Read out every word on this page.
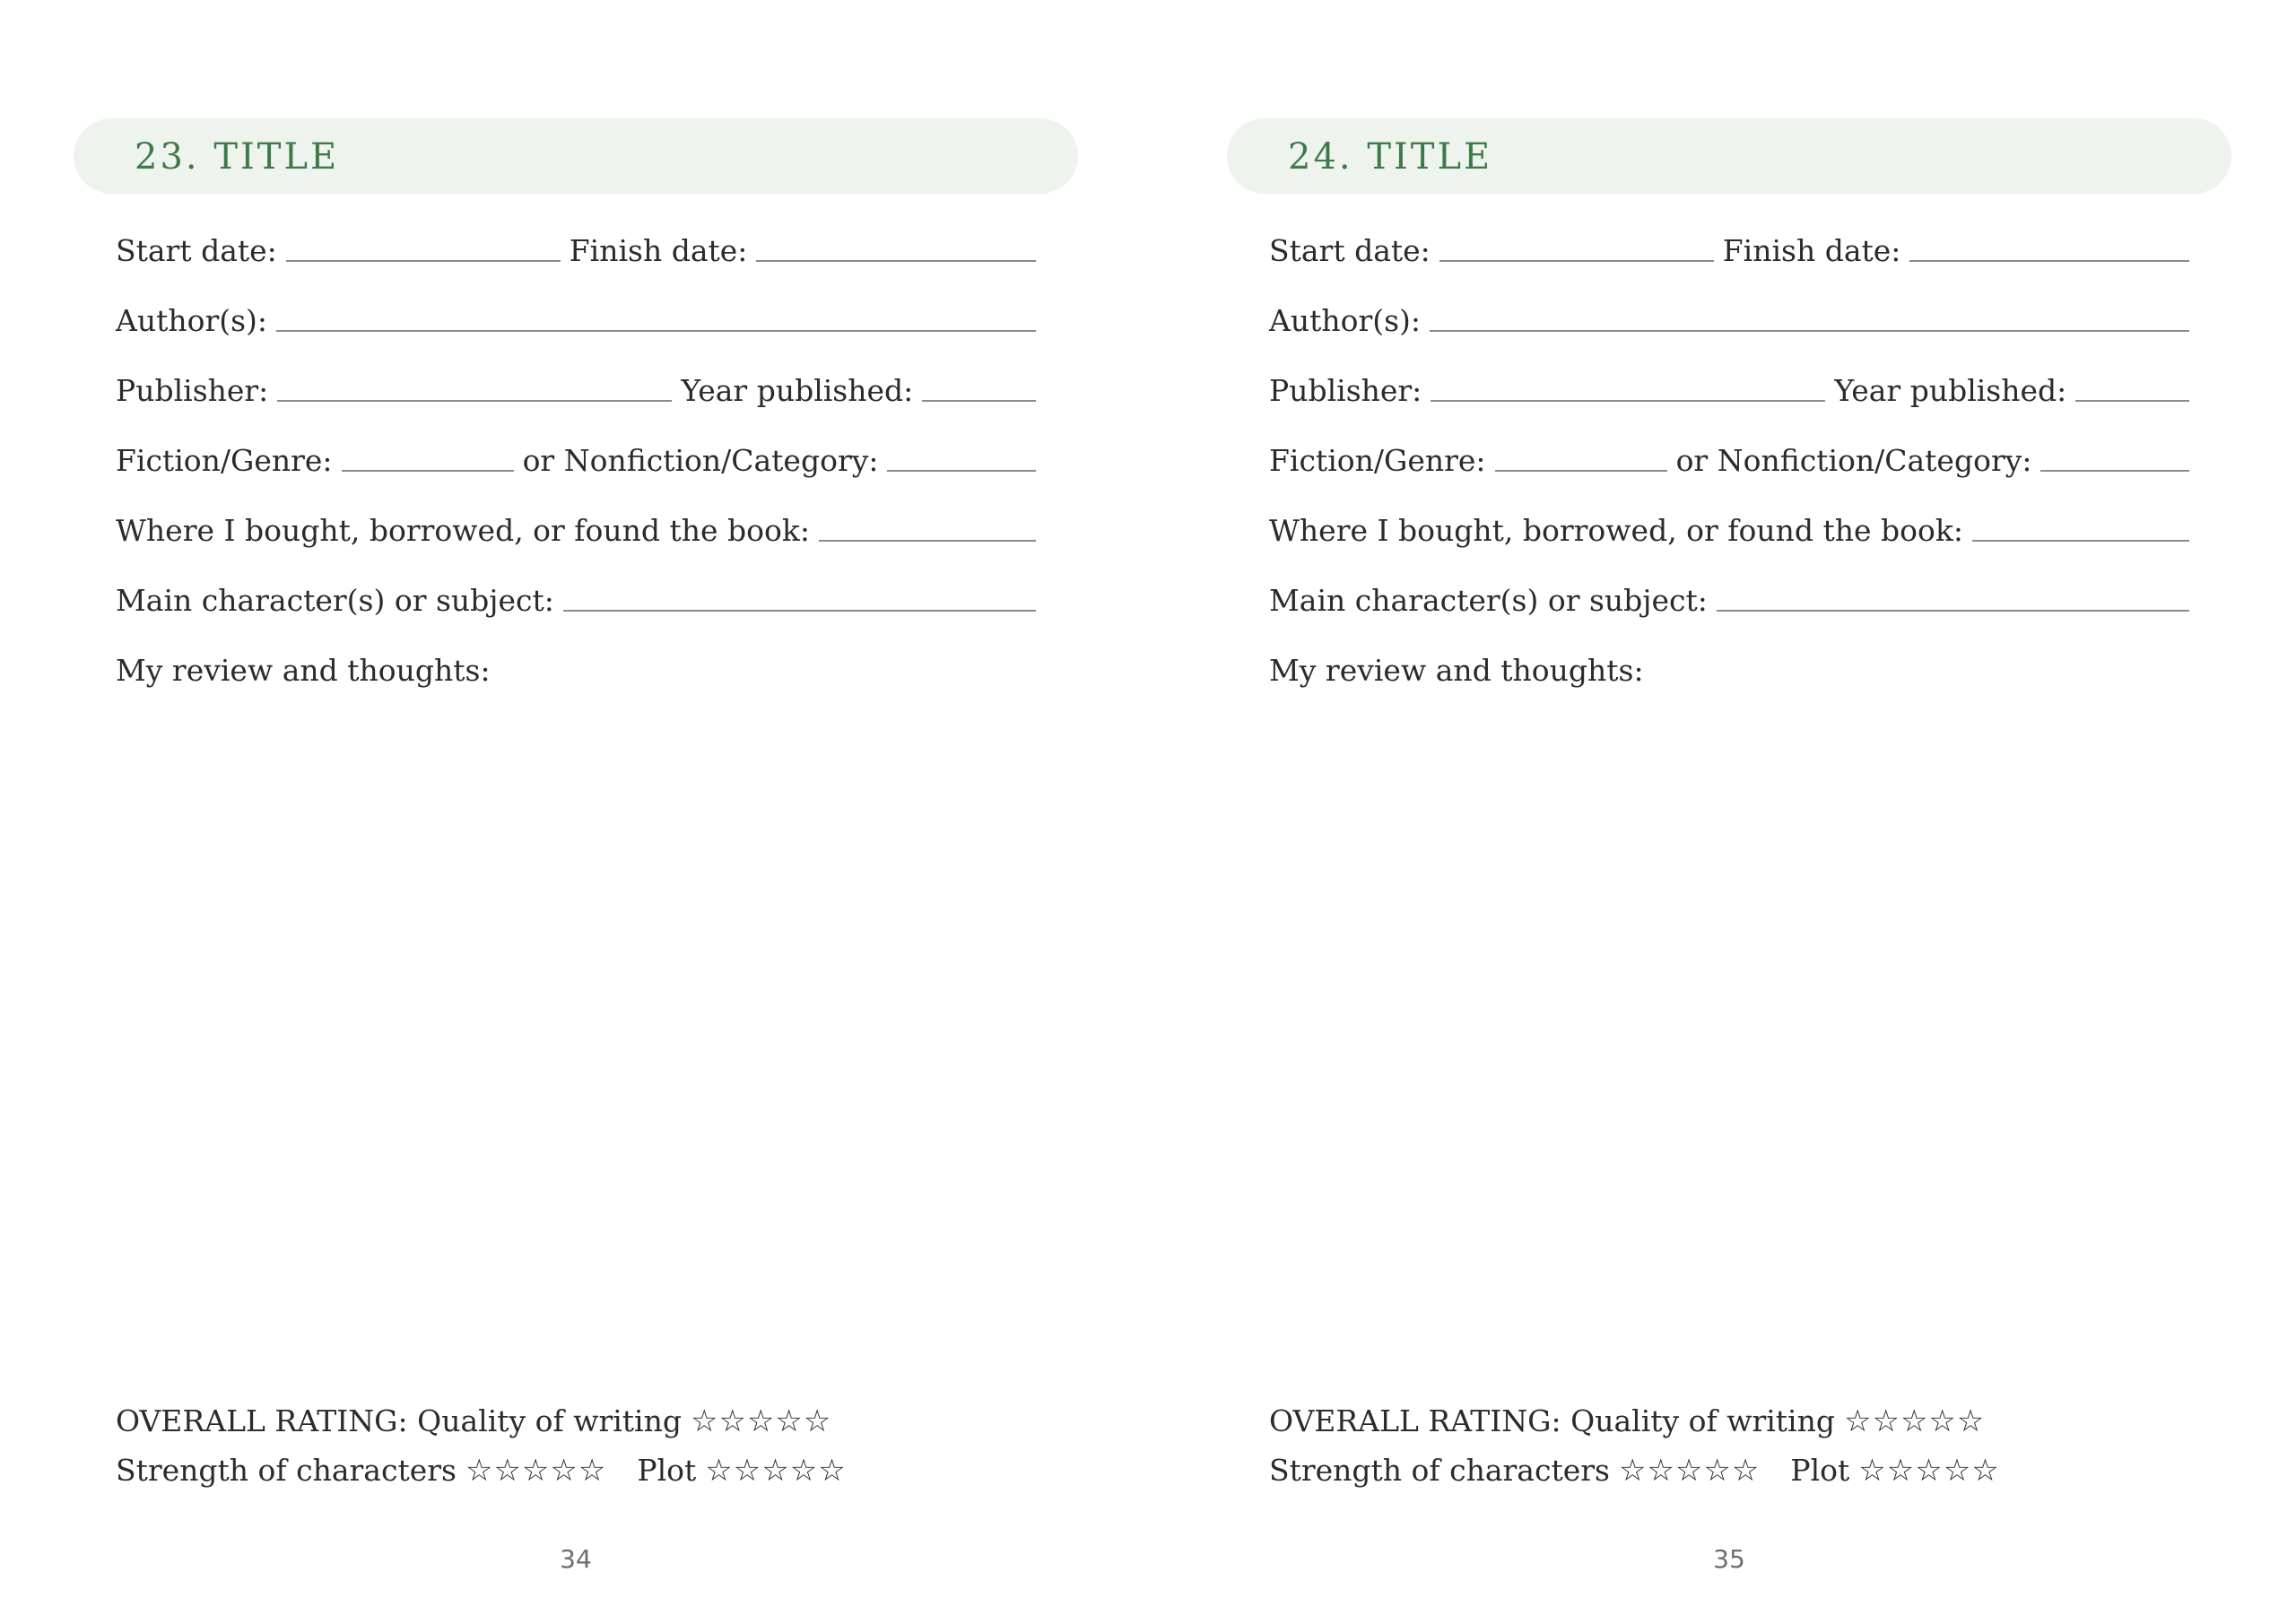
23. TITLE
Start date:	Finish date:
Author(s):
Publisher:	Year published:
Fiction/Genre:	or Nonfiction/Category:
Where I bought, borrowed, or found the book:
Main character(s) or subject:
My review and thoughts:
OVERALL RATING: Quality of writing ☆☆☆☆☆
Strength of characters ☆☆☆☆☆	Plot ☆☆☆☆☆
34
24. TITLE
Start date:	Finish date:
Author(s):
Publisher:	Year published:
Fiction/Genre:	or Nonfiction/Category:
Where I bought, borrowed, or found the book:
Main character(s) or subject:
My review and thoughts:
OVERALL RATING: Quality of writing ☆☆☆☆☆
Strength of characters ☆☆☆☆☆	Plot ☆☆☆☆☆
35
